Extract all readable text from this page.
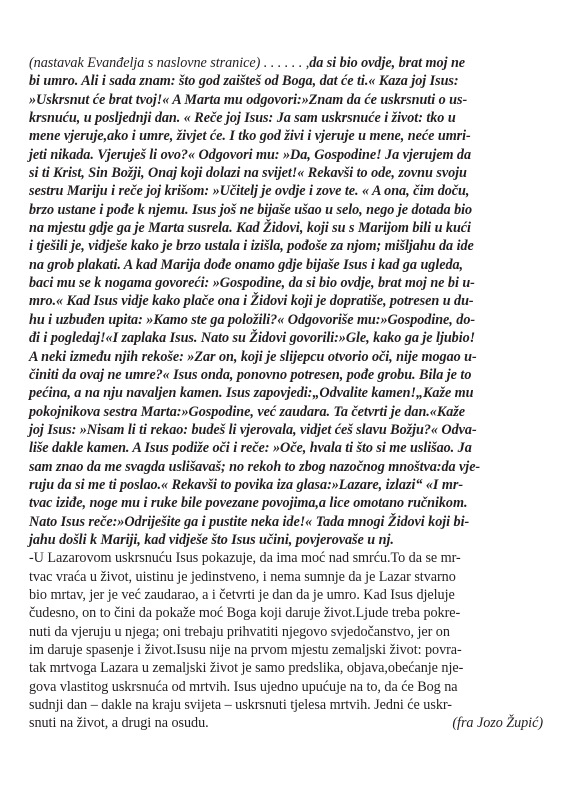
(nastavak Evanđelja s naslovne stranice) . . . . . . ,da si bio ovdje, brat moj ne
bi umro. Ali i sada znam: što god zaišteš od Boga, dat će ti.« Kaza joj Isus:
»Uskrsnut će brat tvoj!« A Marta mu odgovori:»Znam da će uskrsnuti o us-
krsnuću, u posljednji dan. « Reče joj Isus: Ja sam uskrsnuće i život: tko u
mene vjeruje,ako i umre, živjet će. I tko god živi i vjeruje u mene, neće umri-
jeti nikada. Vjeruješ li ovo?« Odgovori mu: »Da, Gospodine! Ja vjerujem da
si ti Krist, Sin Božji, Onaj koji dolazi na svijet!« Rekavši to ode, zovnu svoju
sestru Mariju i reče joj krišom: »Učitelj je ovdje i zove te. « A ona, čim doču,
brzo ustane i pođe k njemu. Isus još ne bijaše ušao u selo, nego je dotada bio
na mjestu gdje ga je Marta susrela. Kad Židovi, koji su s Marijom bili u kući
i tješili je, vidješe kako je brzo ustala i izišla, pođoše za njom; mišljahu da ide
na grob plakati. A kad Marija dođe onamo gdje bijaše Isus i kad ga ugleda,
baci mu se k nogama govoreći: »Gospodine, da si bio ovdje, brat moj ne bi u-
mro.« Kad Isus vidje kako plače ona i Židovi koji je dopratiše, potresen u du-
hu i uzbuđen upita: »Kamo ste ga položili?« Odgovoriše mu:»Gospodine, do-
đi i pogledaj!«I zaplaka Isus. Nato su Židovi govorili:»Gle, kako ga je ljubio!
A neki između njih rekoše: »Zar on, koji je slijepcu otvorio oči, nije mogao u-
činiti da ovaj ne umre?« Isus onda, ponovno potresen, pođe grobu. Bila je to
pećina, a na nju navaljen kamen. Isus zapovjedi:„Odvalite kamen!„Kaže mu
pokojnikova sestra Marta:»Gospodine, već zaudara. Ta četvrti je dan.«Kaže
joj Isus: »Nisam li ti rekao: budeš li vjerovala, vidjet ćeš slavu Božju?« Odva-
liše dakle kamen. A Isus podiže oči i reče: »Oče, hvala ti što si me uslišao. Ja
sam znao da me svagda uslišavaš; no rekoh to zbog nazočnog mnoštva:da vje-
ruju da si me ti poslao.« Rekavši to povika iza glasa:»Lazare, izlazi“ «I mr-
tvac iziđe, noge mu i ruke bile povezane povojima,a lice omotano ručnikom.
Nato Isus reče:»Odriješite ga i pustite neka ide!« Tada mnogi Židovi koji bi-
jahu došli k Mariji, kad vidješe što Isus učini, povjerovaše u nj.
-U Lazarovom uskrsnuću Isus pokazuje, da ima moć nad smrću.To da se mr-
tvac vraća u život, uistinu je jedinstveno, i nema sumnje da je Lazar stvarno
bio mrtav, jer je već zaudarao, a i četvrti je dan da je umro. Kad Isus djeluje
čudesno, on to čini da pokaže moć Boga koji daruje život.Ljude treba pokre-
nuti da vjeruju u njega; oni trebaju prihvatiti njegovo svjedočanstvo, jer on
im daruje spasenje i život.Isusu nije na prvom mjestu zemaljski život: povra-
tak mrtvoga Lazara u zemaljski život je samo predslika, objava,obećanje nje-
gova vlastitog uskrsnuća od mrtvih. Isus ujedno upućuje na to, da će Bog na
sudnji dan – dakle na kraju svijeta – uskrsnuti tjelesa mrtvih. Jedni će uskr-
snuti na život, a drugi na osudu.	(fra Jozo Župić)
